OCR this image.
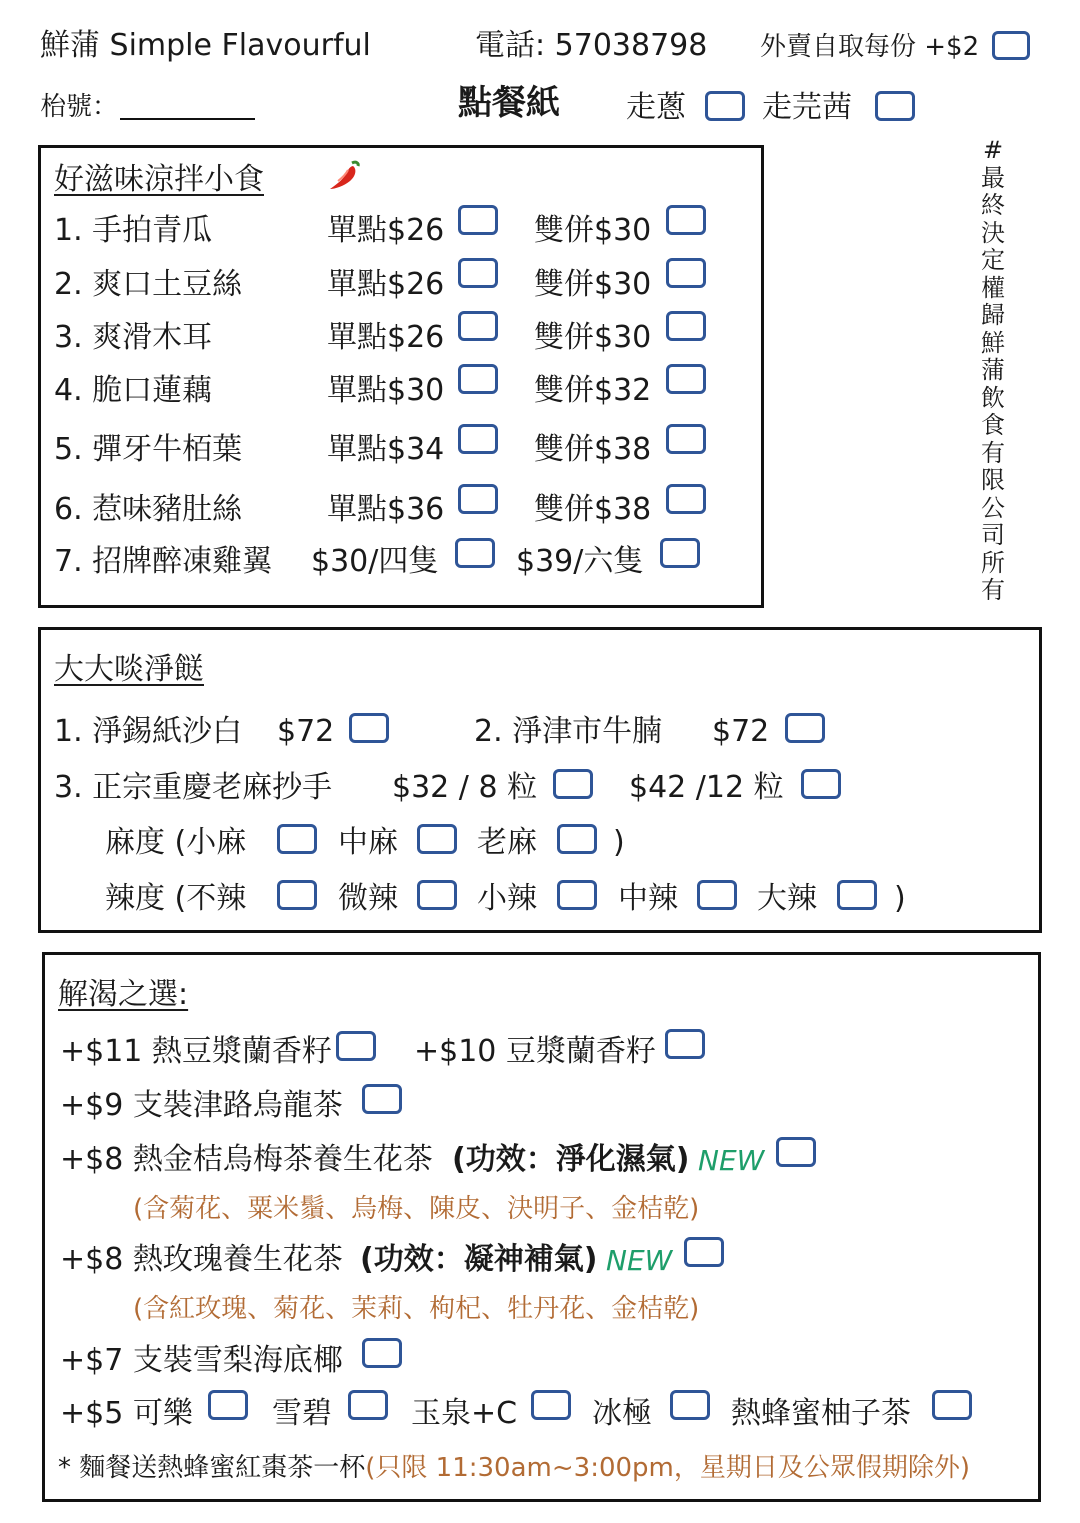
鮮蒲 Simple Flavourful	電話: 57038798 外賣自取每份 +$2
枱號：	點餐紙 走蔥	走芫茜
#最終決定權歸鮮蒲飲食有限公司所有
好滋味涼拌小食
1. 手拍青瓜	單點$26	雙併$30
2. 爽口土豆絲	單點$26	雙併$30
3. 爽滑木耳	單點$26	雙併$30
4. 脆口蓮藕	單點$30	雙併$32
5. 彈牙牛栢葉	單點$34	雙併$38
6. 惹味豬肚絲	單點$36	雙併$38
7. 招牌醉凍雞翼 $30/四隻	$39/六隻
大大啖淨餸
1. 淨錫紙沙白 $72	2. 淨津市牛腩 $72
3. 正宗重慶老麻抄手 $32 / 8 粒	$42 /12 粒
麻度 (小麻	中麻	老麻	)
辣度 (不辣	微辣	小辣	中辣	大辣	)
解渴之選:
+$11 熱豆漿蘭香籽	+$10 豆漿蘭香籽
+$9 支裝津路烏龍茶
+$8 熱金桔烏梅茶養生花茶 (功效：淨化濕氣) NEW
(含菊花、粟米鬚、烏梅、陳皮、決明子、金桔乾)
+$8 熱玫瑰養生花茶 (功效：凝神補氣) NEW
(含紅玫瑰、菊花、茉莉、枸杞、牡丹花、金桔乾)
+$7 支裝雪梨海底椰
+$5 可樂	雪碧	玉泉+C 冰極	熱蜂蜜柚子茶
* 麵餐送熱蜂蜜紅棗茶一杯(只限 11:30am~3:00pm，星期日及公眾假期除外)
